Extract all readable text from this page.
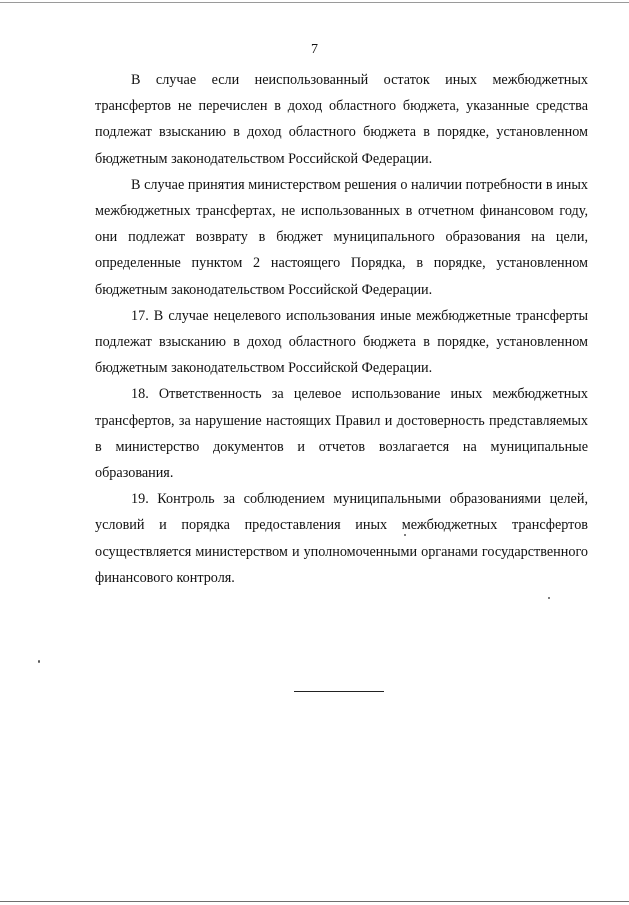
7

В случае если неиспользованный остаток иных межбюджетных трансфертов не перечислен в доход областного бюджета, указанные средства подлежат взысканию в доход областного бюджета в порядке, установленном бюджетным законодательством Российской Федерации.

В случае принятия министерством решения о наличии потребности в иных межбюджетных трансфертах, не использованных в отчетном финансовом году, они подлежат возврату в бюджет муниципального образования на цели, определенные пунктом 2 настоящего Порядка, в порядке, установленном бюджетным законодательством Российской Федерации.

17. В случае нецелевого использования иные межбюджетные трансферты подлежат взысканию в доход областного бюджета в порядке, установленном бюджетным законодательством Российской Федерации.

18. Ответственность за целевое использование иных межбюджетных трансфертов, за нарушение настоящих Правил и достоверность представляемых в министерство документов и отчетов возлагается на муниципальные образования.

19. Контроль за соблюдением муниципальными образованиями целей, условий и порядка предоставления иных межбюджетных трансфертов осуществляется министерством и уполномоченными органами государственного финансового контроля.
